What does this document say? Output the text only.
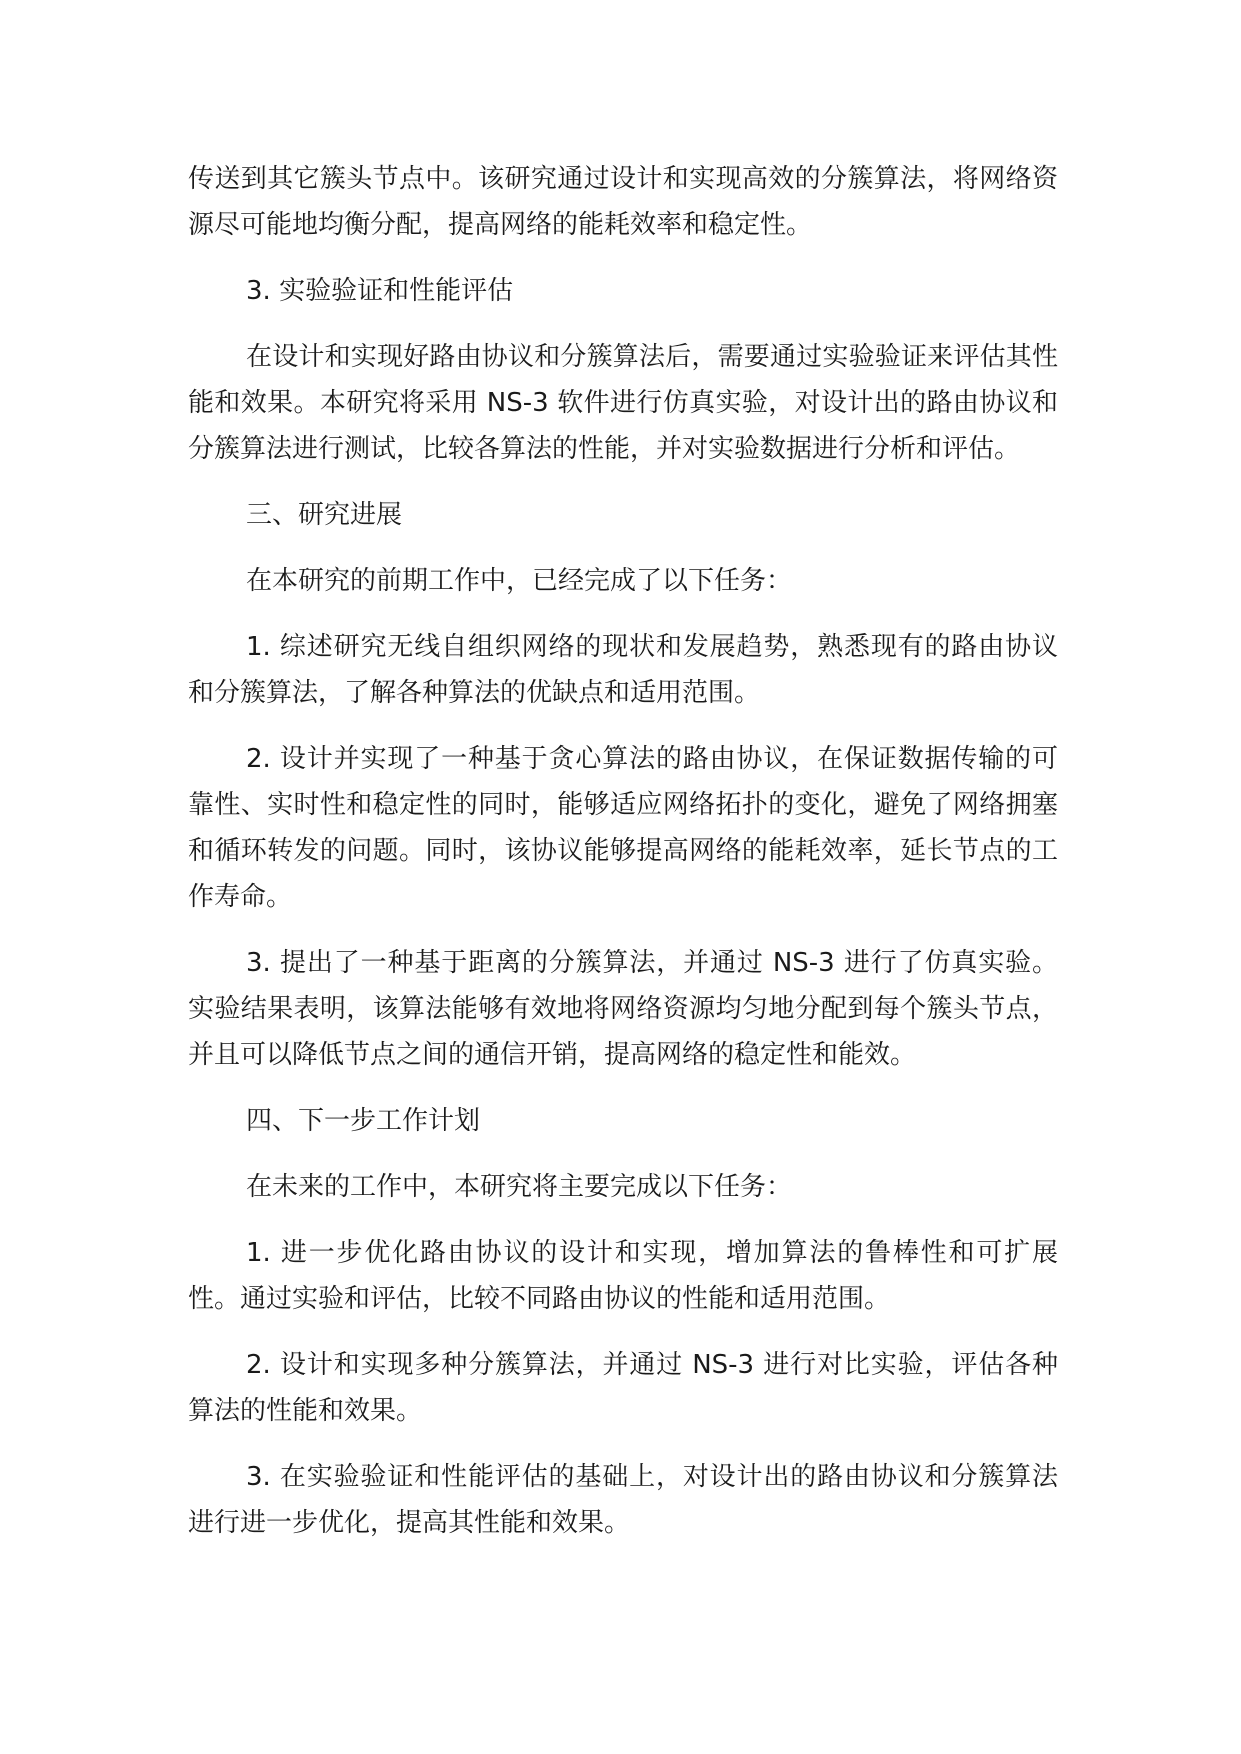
传送到其它簇头节点中。该研究通过设计和实现高效的分簇算法，将网络资源尽可能地均衡分配，提高网络的能耗效率和稳定性。

3. 实验验证和性能评估

在设计和实现好路由协议和分簇算法后，需要通过实验验证来评估其性能和效果。本研究将采用 NS-3 软件进行仿真实验，对设计出的路由协议和分簇算法进行测试，比较各算法的性能，并对实验数据进行分析和评估。

三、研究进展

在本研究的前期工作中，已经完成了以下任务：

1. 综述研究无线自组织网络的现状和发展趋势，熟悉现有的路由协议和分簇算法，了解各种算法的优缺点和适用范围。

2. 设计并实现了一种基于贪心算法的路由协议，在保证数据传输的可靠性、实时性和稳定性的同时，能够适应网络拓扑的变化，避免了网络拥塞和循环转发的问题。同时，该协议能够提高网络的能耗效率，延长节点的工作寿命。

3. 提出了一种基于距离的分簇算法，并通过 NS-3 进行了仿真实验。实验结果表明，该算法能够有效地将网络资源均匀地分配到每个簇头节点，并且可以降低节点之间的通信开销，提高网络的稳定性和能效。

四、下一步工作计划

在未来的工作中，本研究将主要完成以下任务：

1. 进一步优化路由协议的设计和实现，增加算法的鲁棒性和可扩展性。通过实验和评估，比较不同路由协议的性能和适用范围。

2. 设计和实现多种分簇算法，并通过 NS-3 进行对比实验，评估各种算法的性能和效果。

3. 在实验验证和性能评估的基础上，对设计出的路由协议和分簇算法进行进一步优化，提高其性能和效果。
